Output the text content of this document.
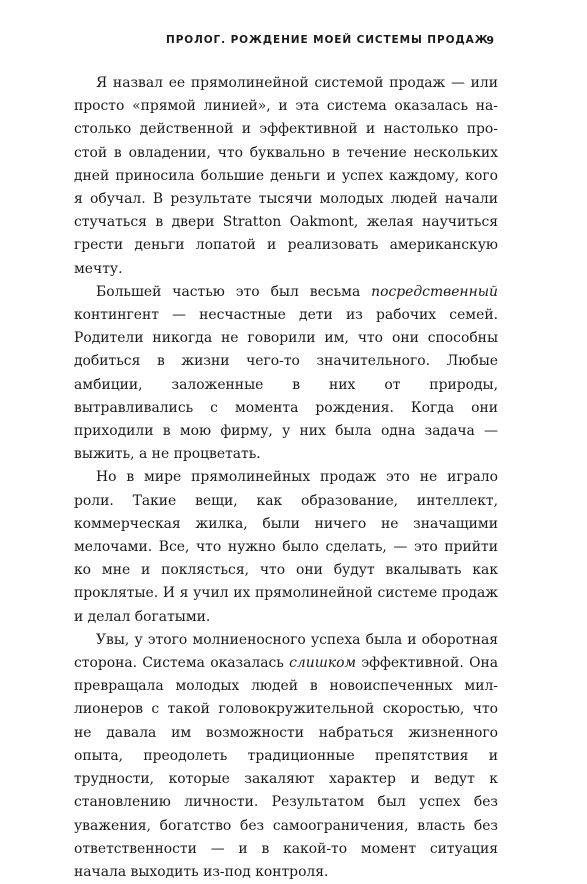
ПРОЛОГ. РОЖДЕНИЕ МОЕЙ СИСТЕМЫ ПРОДАЖ
9

Я назвал ее прямолинейной системой продаж — или просто «прямой линией», и эта система оказалась настолько действенной и эффективной и настолько простой в овладении, что буквально в течение нескольких дней приносила большие деньги и успех каждому, кого я обучал. В результате тысячи молодых людей начали стучаться в двери Stratton Oakmont, желая научиться грести деньги лопатой и реализовать американскую мечту.

Большей частью это был весьма посредственный контингент — несчастные дети из рабочих семей. Родители никогда не говорили им, что они способны добиться в жизни чего-то значительного. Любые амбиции, заложенные в них от природы, вытравливались с момента рождения. Когда они приходили в мою фирму, у них была одна задача — выжить, а не процветать.

Но в мире прямолинейных продаж это не играло роли. Такие вещи, как образование, интеллект, коммерческая жилка, были ничего не значащими мелочами. Все, что нужно было сделать, — это прийти ко мне и поклясться, что они будут вкалывать как проклятые. И я учил их прямолинейной системе продаж и делал богатыми.

Увы, у этого молниеносного успеха была и оборотная сторона. Система оказалась слишком эффективной. Она превращала молодых людей в новоиспеченных миллионеров с такой головокружительной скоростью, что не давала им возможности набраться жизненного опыта, преодолеть традиционные препятствия и трудности, которые закаляют характер и ведут к становлению личности. Результатом был успех без уважения, богатство без самоограничения, власть без ответственности — и в какой-то момент ситуация начала выходить из-под контроля.
